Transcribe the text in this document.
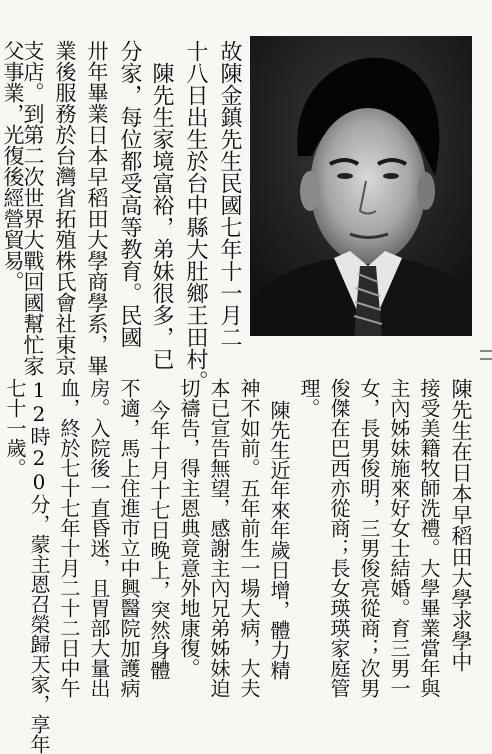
故陳金鎮先生民國七年十一月二
十八日出生於台中縣大肚鄉王田村。
陳先生家境富裕，弟妹很多，已
分家，每位都受高等教育。民國
卅年畢業日本早稻田大學商學系，畢
業後服務於台灣省拓殖株氏會社東京
支店。到第二次世界大戰回國幫忙家
父事業，光復後經營貿易。
陳先生在日本早稻田大學求學中
接受美籍牧師洗禮。大學畢業當年與
主內姊妹施來好女士結婚。育三男一
女，長男俊明，三男俊亮從商；次男
俊傑在巴西亦從商；長女瑛瑛家庭管
理。
陳先生近年來年歲日增，體力精
神不如前。五年前生一場大病，大夫
本已宣告無望，感謝主內兄弟姊妹迫
切禱告，得主恩典竟意外地康復。
今年十月十七日晚上，突然身體
不適，馬上住進市立中興醫院加護病
房。入院後一直昏迷，且胃部大量出
血，終於七十七年十月二十二日中午
12時20分，蒙主恩召榮歸天家，享年
七十一歲。
